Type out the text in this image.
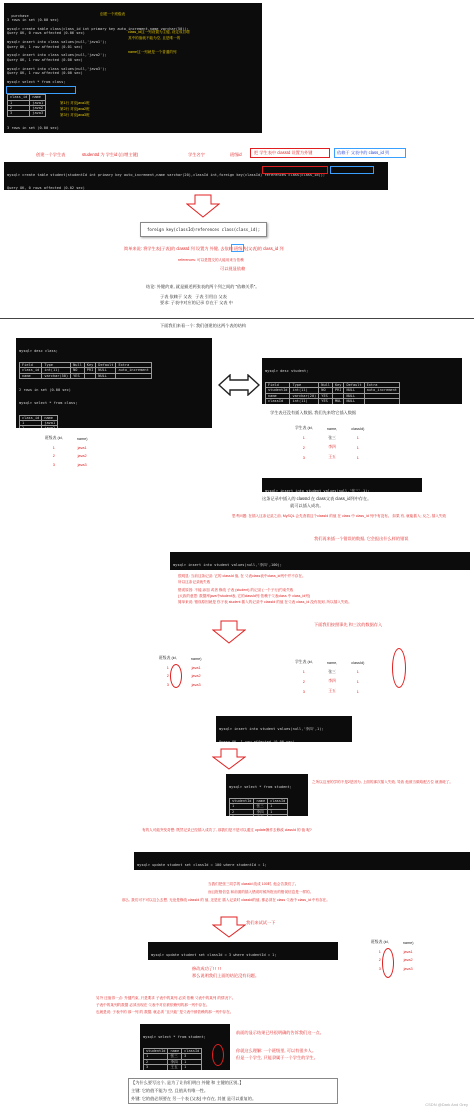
purchase
3 rows in set (0.00 sec)

mysql> create table class(class_id int primary key auto_increment,name varchar(50));
Query OK, 0 rows affected (0.06 sec)

mysql> insert into class values(null,'java1');
Query OK, 1 row affected (0.01 sec)

mysql> insert into class values(null,'java2');
Query OK, 1 row affected (0.00 sec)

mysql> insert into class values(null,'java3');
Query OK, 1 row affected (0.00 sec)

mysql> select * from class;

class_id	name
1	java1
2	java2
3	java3

3 rows in set (0.00 sec)

创建一个班级表
class_id这一列设置为主键, 设定成自增
其中的值就不能为空, 且是唯一的
name这一列就是一个普通的列
第1行 对应java1班
第2行 对应java2班
第3行 对应java3班
创建一个学生表	studentId 为 学生id (自增主键)	学生名字	班级id	把 学生表中 classId 设置为外键	依赖于 父表中的 class_id 列

mysql> create table student(studentId int primary key auto_increment,name varchar(20),classId int,foreign key(classId) references class(class_id));

Query OK, 0 rows affected (0.02 sec)

foreign key(classId)references class(class_id);
简单来说: 将学生表(子表)的 classId 列 设置为 外键, 去依赖 班级表(父表)的 class_id 列
references: 可以是提交的人能用来当依赖
可以视显依赖
结论: 外键约束, 就是描述两张表的两个列之间的 "依赖关系"。
子表 依赖于 父表   子表 引用自 父表
要求: 子表中对应的记录 存在于 父表 中
下面我们来看一个: 我们创建的这两个表的结构

mysql> desc class;

Field	Type	Null	Key	Default	Extra
class_id	int(11)	NO	PRI	NULL	auto_increment
name	varchar(50)	YES		NULL	

2 rows in set (0.00 sec)

mysql> select * from class;

class_id	name
1	java1

mysql> desc student;

Field	Type	Null	Key	Default	Extra
studentId	int(11)	NO	PRI	NULL	auto_increment
name	varchar(20)	YES		NULL	
classId	int(11)	YES	MUL	NULL	

学生表还没有插入数据, 我们先来给它插入数据
班级表 (id,	name)
1	java1
2	java2
3	java3
学生表 (id,	name,	classId)
1	张三	1
2	李四	1
3	王五	1

mysql> insert into student values(null,'张三',1);

这条记录中插入的 classId 在 class父表 class_id列中存在。
就可以插入成功。
思考问题: 在插入这条记录之前, MySQL 会先查看这个classId 的值 在 class 中 class_id 列中有没有。 如果 有, 就能插入; 反之, 插入失败
我们再来插一个错误的数据, 它会报出什么样的错误

mysql> insert into student values(null,'李四',100);

很明显: 当前这条记录: 它的 classId 值, 在 父表class表中class_id列中并不存在。
所以这条记录就失败
错误原因: 不能 添加 或者 修改 子表 (student) 的记录 (一个子行)约束失败
(大致的意思: 数据库java中student表, 它的classId列 依赖于父表class 中 class_id列)
简单来说: 错误原因就是 你子表 student 插入的记录中 classId 的值 在父表 class_id 没有找到, 所以插入失败。
下面我们按照事先 和三次的数据存入
班级表 (id,	name)
1	java1
2	java2
3	java3
学生表 (id,	name,	classId)
1	张三	1
2	李四	1
3	王五	1

mysql> insert into student values(null,'李四',1);

mysql> select * from student;

studentId	name	classId
1	张三	1
2	李四	1

之所以这里的学的不是2是因为, 上面的那次插入失败, 导致 他被当做给配占位 就消耗了。
有的人可能突发奇想: 既然记录已经插入成功了, 那我们是不是可以通过 update操作去修改 classId 的 值 呢?

mysql> update student set classId = 100 where studentId = 1;

当我们把张三同学的 classId 改成 100时, 他会告我们了。
而且报错信息 和前面的插入错误时候所报出的错误信息是一样的。
那么, 我们可不可以这么去想, 无论是修改 classId 的 值, 还是在 插入记录时 classId的值, 都必须在 class 父表中 class_id 中有存在。
我们来试试一下

mysql> update student set classId = 3 where studentId = 1;

修改成功了! ! ! !
那么说明我们上面的结论没有问题。
班级表 (id,	name)
1	java1
2	java2
3	java3
另外 还值得一点: 外键约束, 只是要求 子表中的某列 必须 依赖 父表中的某列 的情况下。
子表中的某列的数据 必须出现在 父表中对应被依赖列的那一列中存在。
也就是说: 子表中的 那一列 的 数据, 就必须 "且只能" 是父表中被依赖的那一列中存在。

mysql> select * from student;

studentId	name	classId
1	张三	3
2	李四	1
3	王五	1

前面的显示结果已经很明确的告诉我们这一点。
你就这么理解: 一个班级里, 可以有很多人。
但是一个学生, 只能隶属于一个学生的学生。
【为什么要写这个, 是为了让你们明白 外键 和 主键的区别。】
主键: 它的值不能为 空, 且值具有唯一性。
外键: 它的值必须要在 另一个表 (父表) 中存在, 其值 是可以重复的。
CSDN @Dark And Grey
